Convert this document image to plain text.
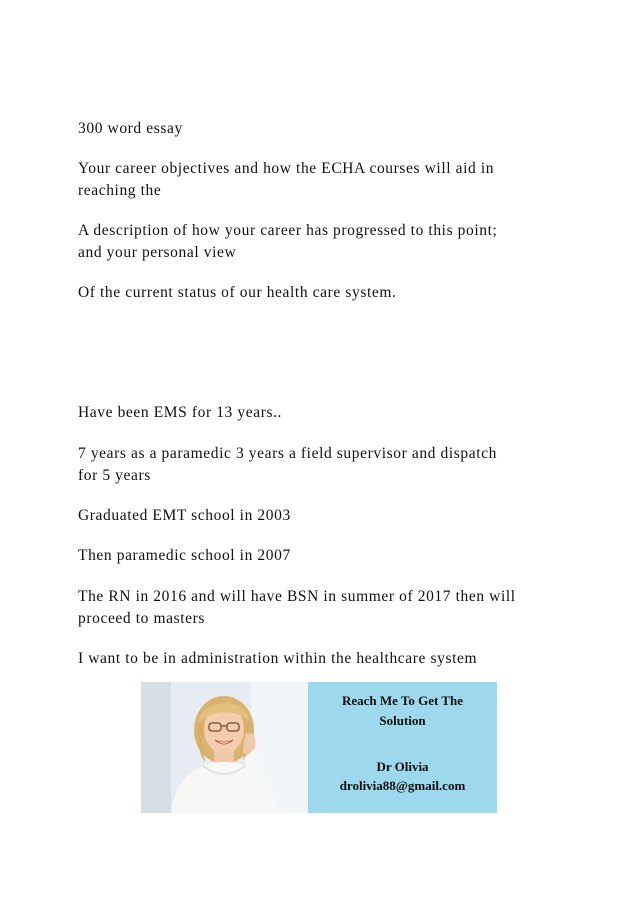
300 word essay

Your career objectives and how the ECHA courses will aid in
reaching the

A description of how your career has progressed to this point;
and your personal view

Of the current status of our health care system.

Have been EMS for 13 years..

7 years as a paramedic 3 years a field supervisor and dispatch
for 5 years

Graduated EMT school in 2003

Then paramedic school in 2007

The RN in 2016 and will have BSN in summer of 2017 then will
proceed to masters

I want to be in administration within the healthcare system

Reach Me To Get The
Solution
Dr Olivia
drolivia88@gmail.com
